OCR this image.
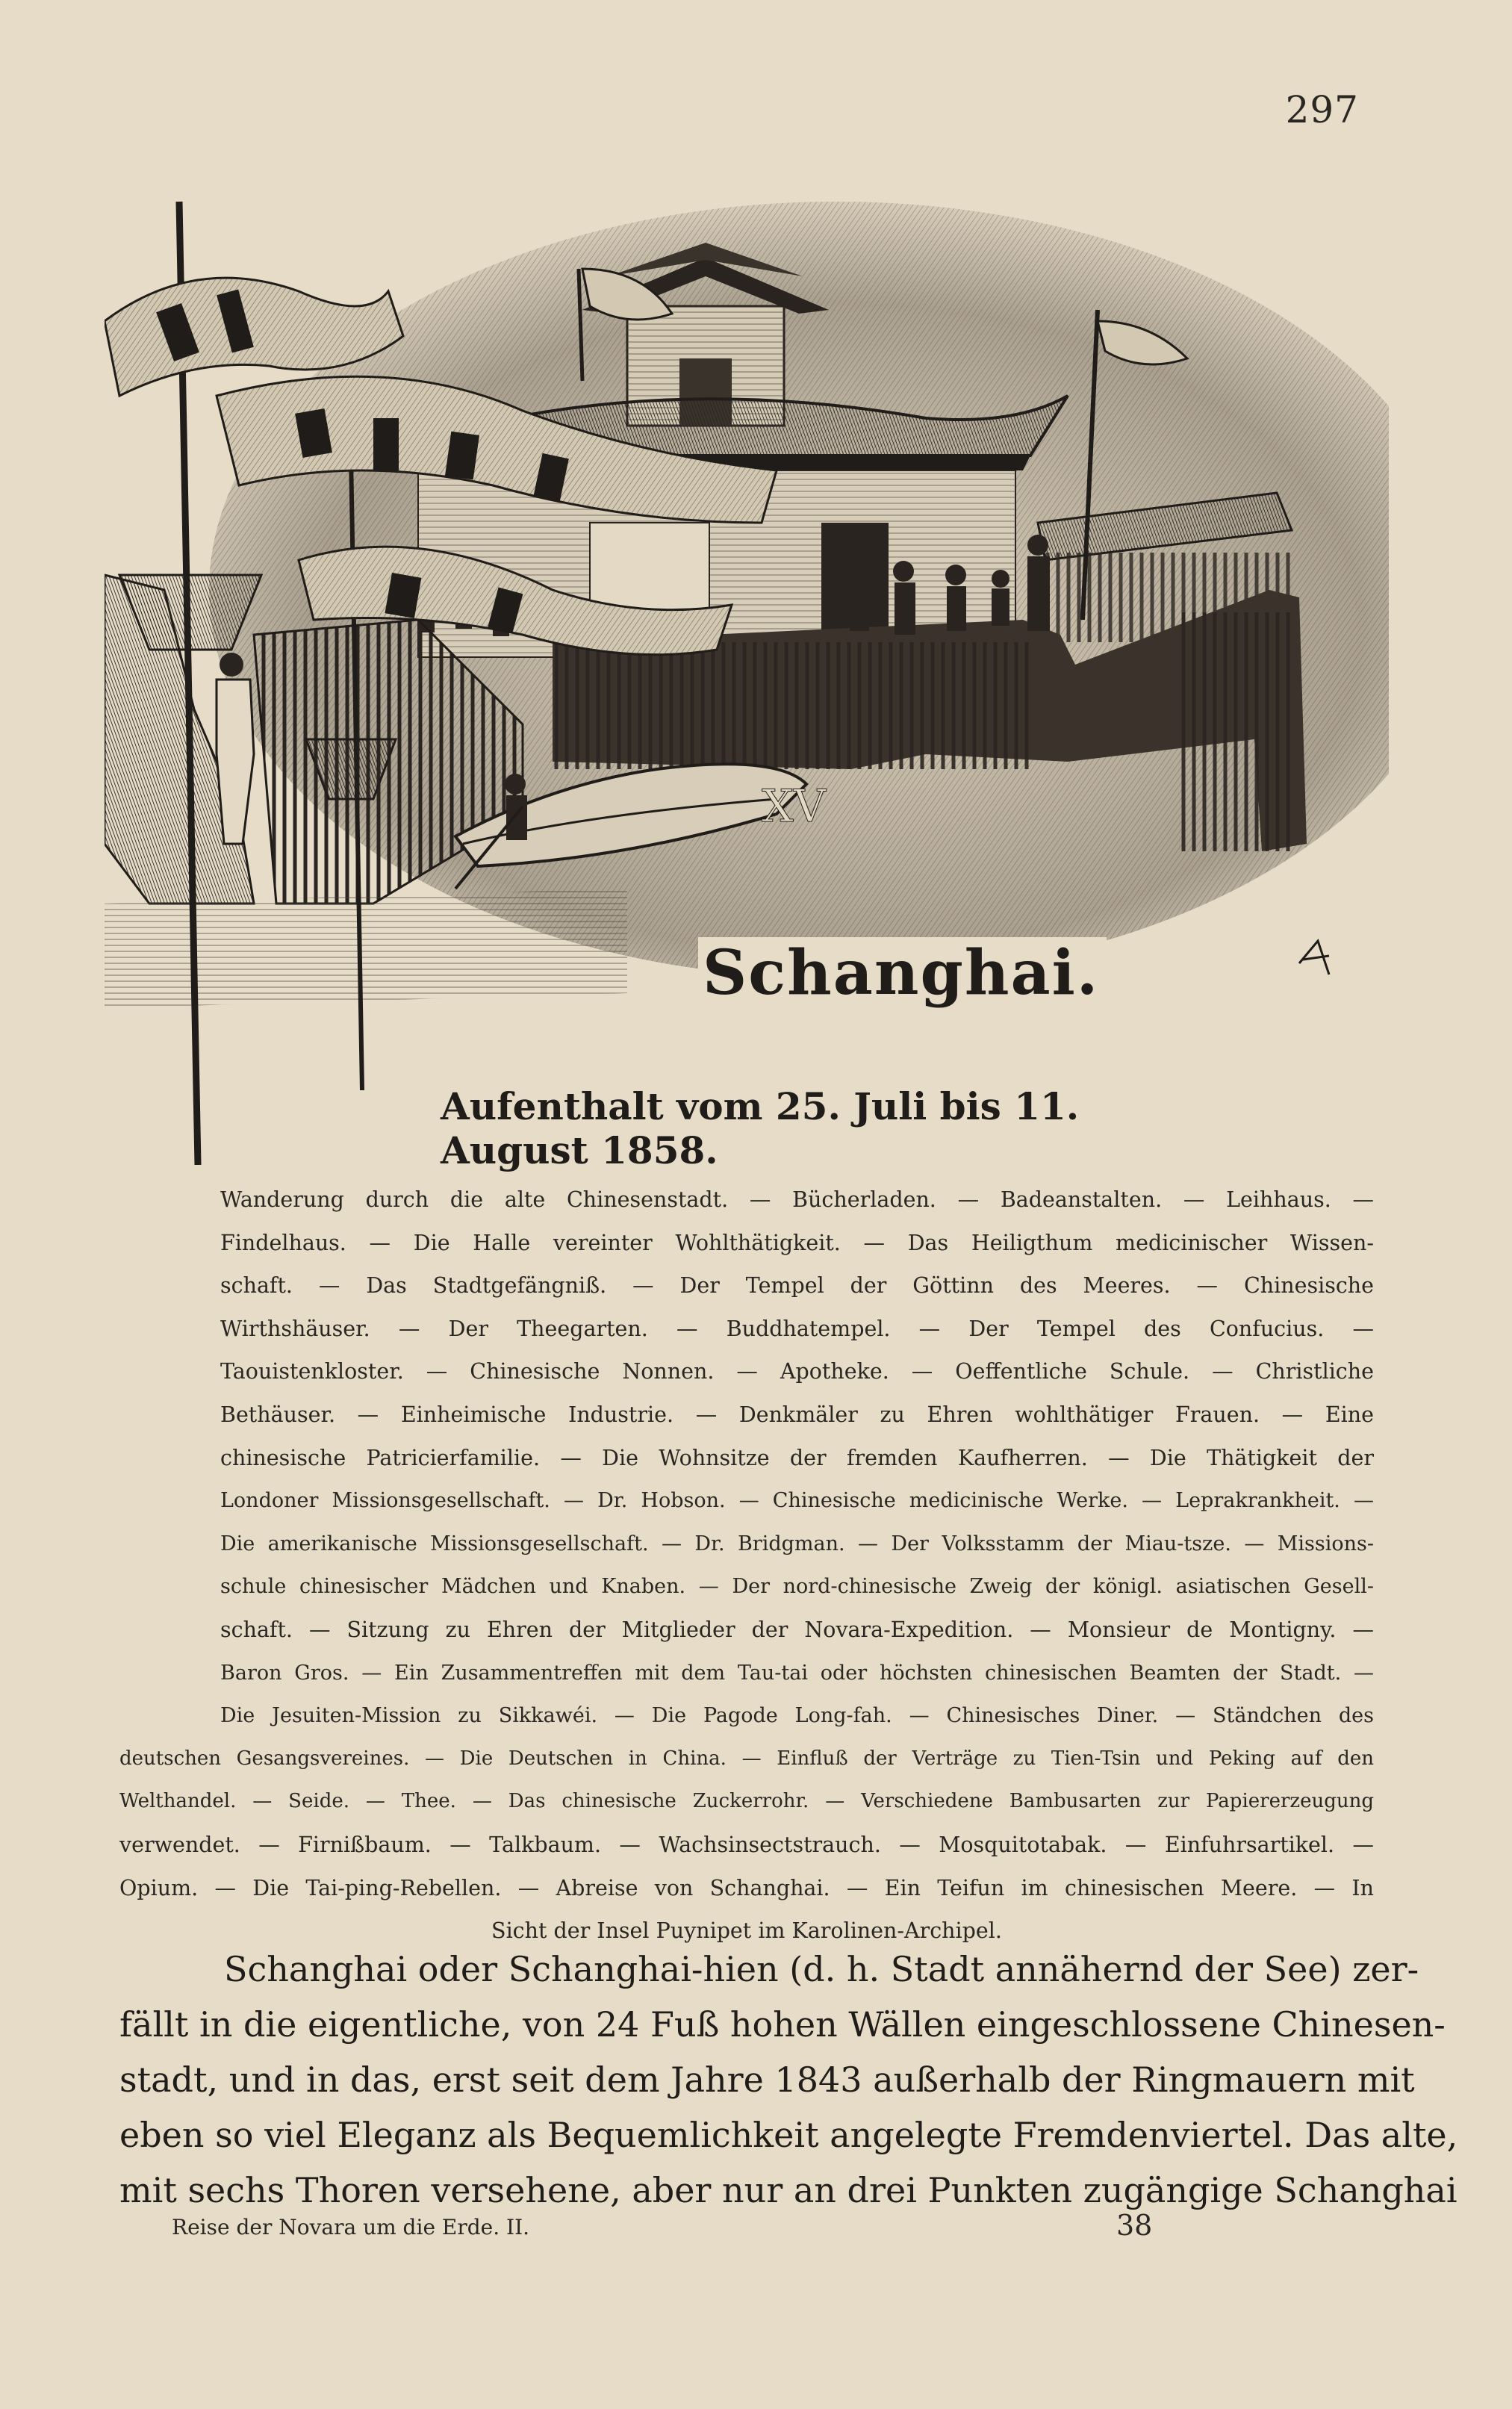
297
XV
Schanghai.
Aufenthalt vom 25. Juli bis 11. August 1858.
Wanderung durch die alte Chinesenstadt. — Bücherladen. — Badeanstalten. — Leihhaus. —
Findelhaus. — Die Halle vereinter Wohlthätigkeit. — Das Heiligthum medicinischer Wissen-
schaft. — Das Stadtgefängniß. — Der Tempel der Göttinn des Meeres. — Chinesische
Wirthshäuser. — Der Theegarten. — Buddhatempel. — Der Tempel des Confucius. —
Taouistenkloster. — Chinesische Nonnen. — Apotheke. — Oeffentliche Schule. — Christliche
Bethäuser. — Einheimische Industrie. — Denkmäler zu Ehren wohlthätiger Frauen. — Eine
chinesische Patricierfamilie. — Die Wohnsitze der fremden Kaufherren. — Die Thätigkeit der
Londoner Missionsgesellschaft. — Dr. Hobson. — Chinesische medicinische Werke. — Leprakrankheit. —
Die amerikanische Missionsgesellschaft. — Dr. Bridgman. — Der Volksstamm der Miau-tsze. — Missions-
schule chinesischer Mädchen und Knaben. — Der nord-chinesische Zweig der königl. asiatischen Gesell-
schaft. — Sitzung zu Ehren der Mitglieder der Novara-Expedition. — Monsieur de Montigny. —
Baron Gros. — Ein Zusammentreffen mit dem Tau-tai oder höchsten chinesischen Beamten der Stadt. —
Die Jesuiten-Mission zu Sikkawéi. — Die Pagode Long-fah. — Chinesisches Diner. — Ständchen des
deutschen Gesangsvereines. — Die Deutschen in China. — Einfluß der Verträge zu Tien-Tsin und Peking auf den
Welthandel. — Seide. — Thee. — Das chinesische Zuckerrohr. — Verschiedene Bambusarten zur Papiererzeugung
verwendet. — Firnißbaum. — Talkbaum. — Wachsinsectstrauch. — Mosquitotabak. — Einfuhrsartikel. —
Opium. — Die Tai-ping-Rebellen. — Abreise von Schanghai. — Ein Teifun im chinesischen Meere. — In
Sicht der Insel Puynipet im Karolinen-Archipel.
Schanghai oder Schanghai-hien (d. h. Stadt annähernd der See) zer-
fällt in die eigentliche, von 24 Fuß hohen Wällen eingeschlossene Chinesen-
stadt, und in das, erst seit dem Jahre 1843 außerhalb der Ringmauern mit
eben so viel Eleganz als Bequemlichkeit angelegte Fremdenviertel. Das alte,
mit sechs Thoren versehene, aber nur an drei Punkten zugängige Schanghai
Reise der Novara um die Erde. II.	38
